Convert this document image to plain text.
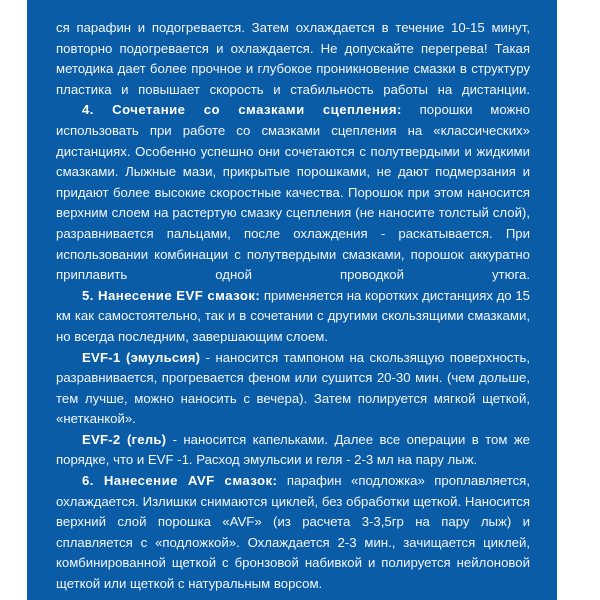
ся парафин и подогревается. Затем охлаждается в течение 10-15 минут, повторно подогревается и охлаждается. Не допускайте перегрева! Такая методика дает более прочное и глубокое проникновение смазки в структуру пластика и повышает скорость и стабильность работы на дистанции.

4. Сочетание со смазками сцепления: порошки можно использовать при работе со смазками сцепления на «классических» дистанциях. Особенно успешно они сочетаются с полутвердыми и жидкими смазками. Лыжные мази, прикрытые порошками, не дают подмерзания и придают более высокие скоростные качества. Порошок при этом наносится верхним слоем на растертую смазку сцепления (не наносите толстый слой), разравнивается пальцами, после охлаждения - раскатывается. При использовании комбинации с полутвердыми смазками, порошок аккуратно приплавить одной проводкой утюга.

5. Нанесение EVF смазок: применяется на коротких дистанциях до 15 км как самостоятельно, так и в сочетании с другими скользящими смазками, но всегда последним, завершающим слоем.

EVF-1 (эмульсия) - наносится тампоном на скользящую поверхность, разравнивается, прогревается феном или сушится 20-30 мин. (чем дольше, тем лучше, можно наносить с вечера). Затем полируется мягкой щеткой, «нетканкой».

EVF-2 (гель) - наносится капельками. Далее все операции в том же порядке, что и EVF -1. Расход эмульсии и геля - 2-3 мл на пару лыж.

6. Нанесение AVF смазок: парафин «подложка» проплавляется, охлаждается. Излишки снимаются циклей, без обработки щеткой. Наносится верхний слой порошка «AVF» (из расчета 3-3,5гр на пару лыж) и сплавляется с «подложкой». Охлаждается 2-3 мин., зачищается циклей, комбинированной щеткой с бронзовой набивкой и полируется нейлоновой щеткой или щеткой с натуральным ворсом.
